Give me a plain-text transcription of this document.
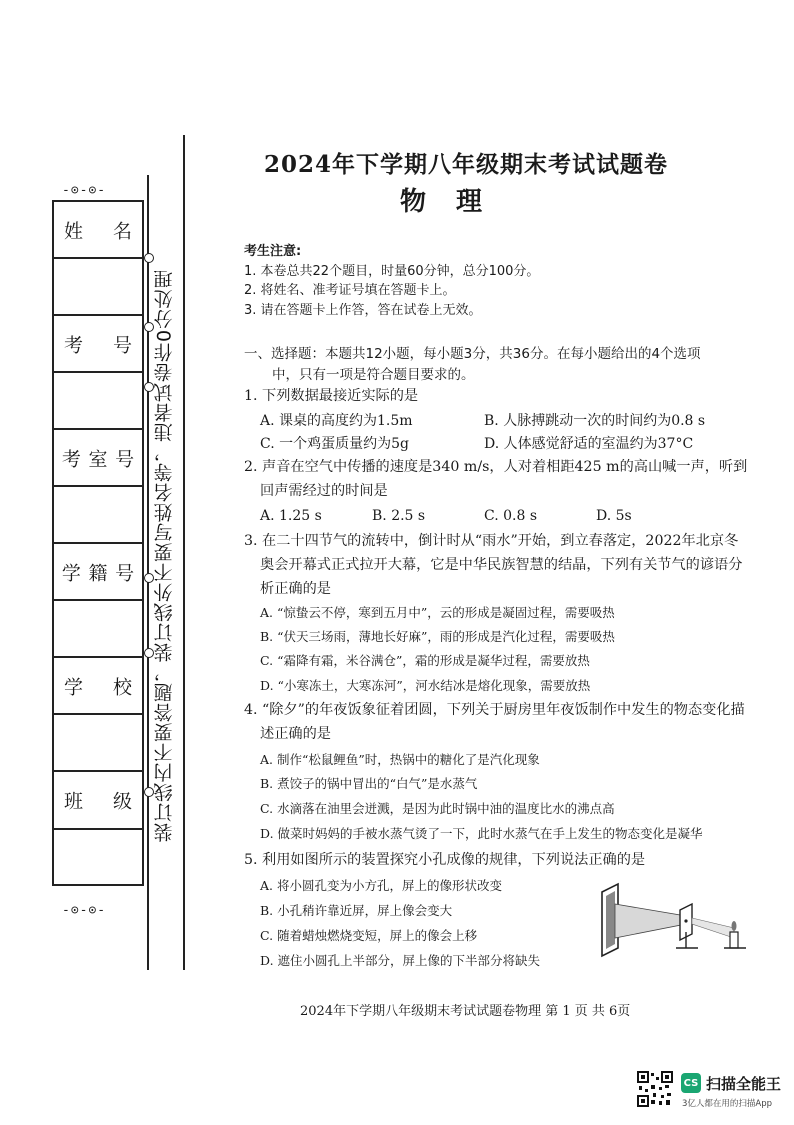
-⊙-⊙-
姓 名
考 号
考 室 号
学 籍 号
学 校
班 级
-⊙-⊙-
装订线内不要答题，装订线外不要写姓名等，违者试卷作0分处理
2024年下学期八年级期末考试试题卷
物理
考生注意:
1. 本卷总共22个题目，时量60分钟，总分100分。
2. 将姓名、准考证号填在答题卡上。
3. 请在答题卡上作答，答在试卷上无效。
一、选择题：本题共12小题，每小题3分，共36分。在每小题给出的4个选项
中，只有一项是符合题目要求的。
1. 下列数据最接近实际的是
A. 课桌的高度约为1.5m	B. 人脉搏跳动一次的时间约为0.8 s
C. 一个鸡蛋质量约为5g	D. 人体感觉舒适的室温约为37°C
2. 声音在空气中传播的速度是340 m/s，人对着相距425 m的高山喊一声，听到
回声需经过的时间是
A. 1.25 s	B. 2.5 s	C. 0.8 s	D. 5s
3. 在二十四节气的流转中，倒计时从“雨水”开始，到立春落定，2022年北京冬
奥会开幕式正式拉开大幕，它是中华民族智慧的结晶，下列有关节气的谚语分
析正确的是
A. “惊蛰云不停，寒到五月中”，云的形成是凝固过程，需要吸热
B. “伏天三场雨，薄地长好麻”，雨的形成是汽化过程，需要吸热
C. “霜降有霜，米谷满仓”，霜的形成是凝华过程，需要放热
D. “小寒冻土，大寒冻河”，河水结冰是熔化现象，需要放热
4. “除夕”的年夜饭象征着团圆，下列关于厨房里年夜饭制作中发生的物态变化描
述正确的是
A. 制作“松鼠鲤鱼”时，热锅中的糖化了是汽化现象
B. 煮饺子的锅中冒出的“白气”是水蒸气
C. 水滴落在油里会迸溅，是因为此时锅中油的温度比水的沸点高
D. 做菜时妈妈的手被水蒸气烫了一下，此时水蒸气在手上发生的物态变化是凝华
5. 利用如图所示的装置探究小孔成像的规律，下列说法正确的是
A. 将小圆孔变为小方孔，屏上的像形状改变
B. 小孔稍许靠近屏，屏上像会变大
C. 随着蜡烛燃烧变短，屏上的像会上移
D. 遮住小圆孔上半部分，屏上像的下半部分将缺失
2024年下学期八年级期末考试试题卷物理 第 1 页 共 6页
CS 扫描全能王
3亿人都在用的扫描App
